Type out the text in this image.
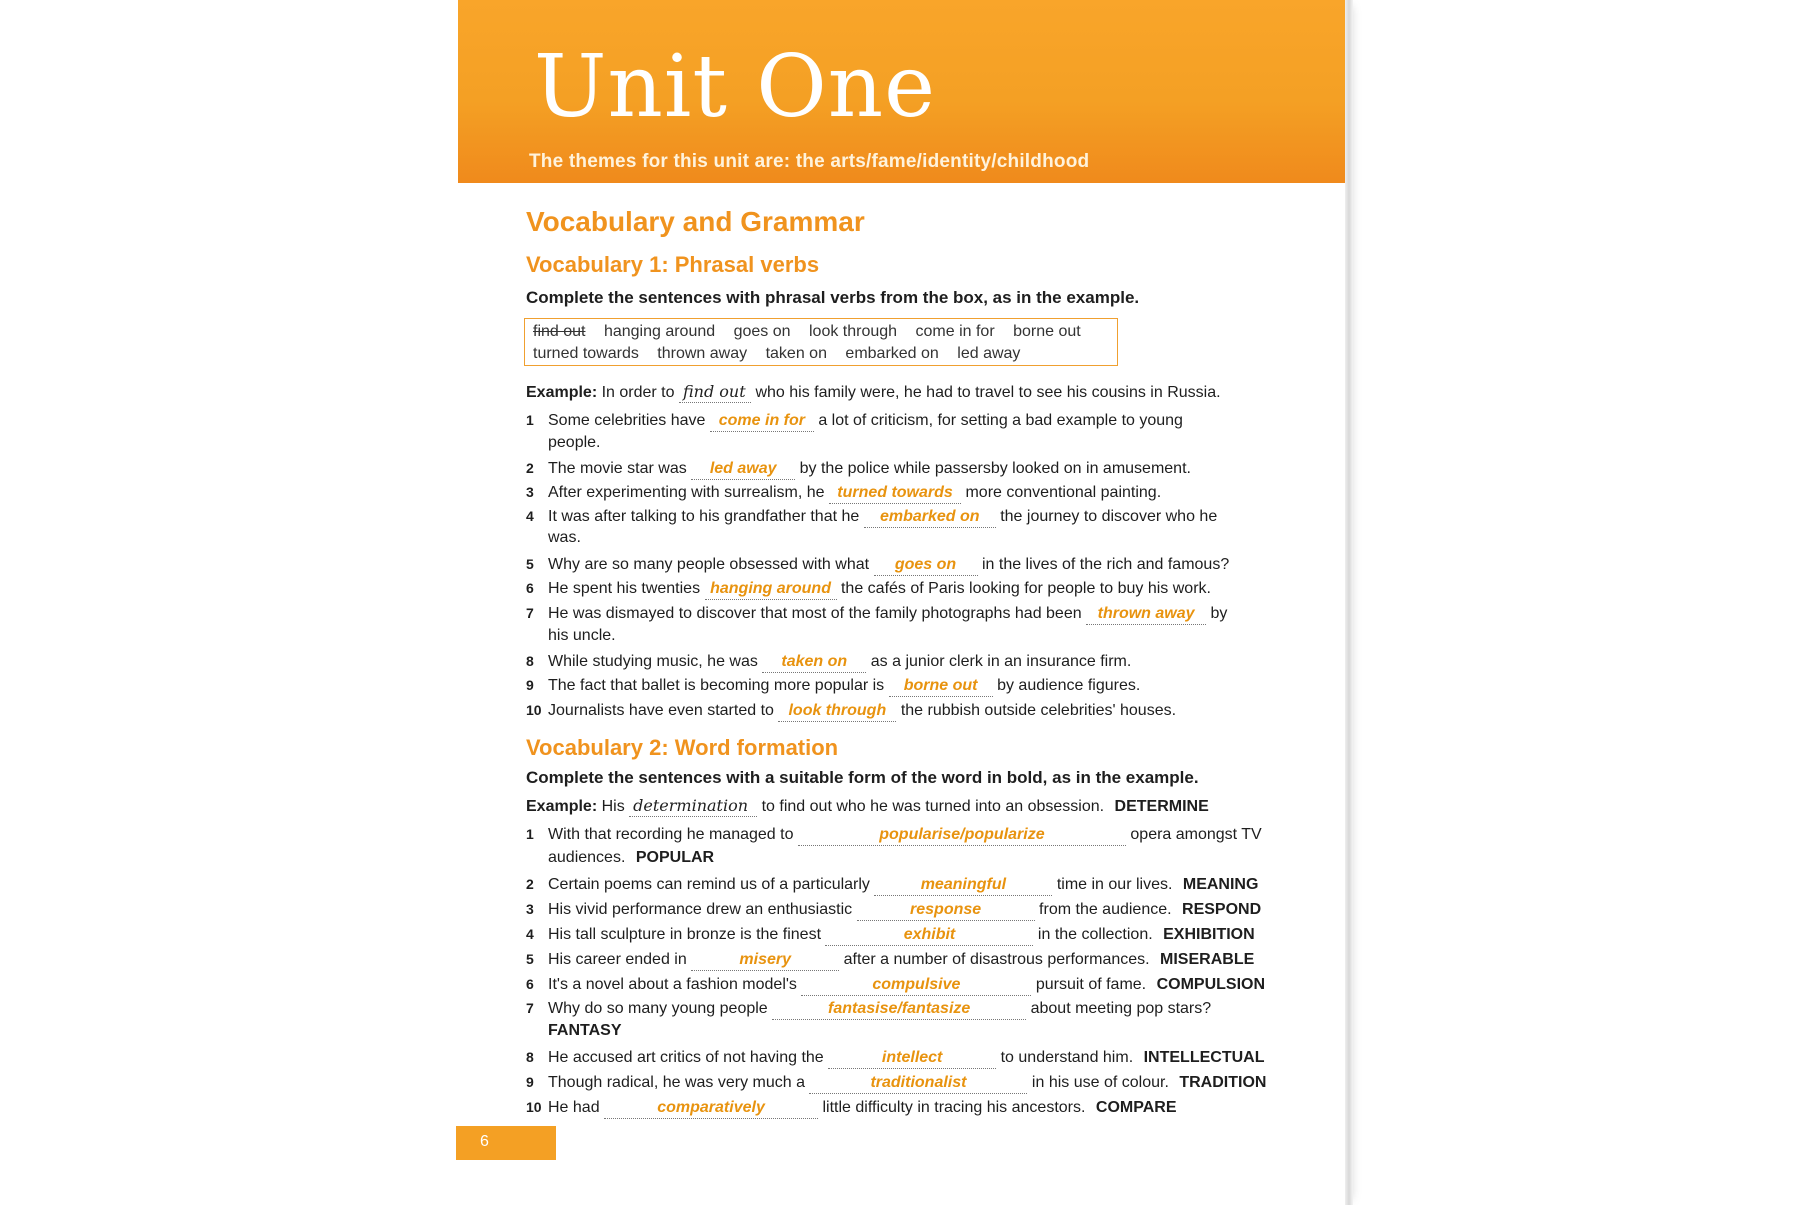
Unit One
The themes for this unit are: the arts/fame/identity/childhood
Vocabulary and Grammar
Vocabulary 1: Phrasal verbs
Complete the sentences with phrasal verbs from the box, as in the example.
find out hanging around goes on look through come in for borne out
turned towards thrown away taken on embarked on led away
Example: In order to find out who his family were, he had to travel to see his cousins in Russia.
1 Some celebrities have come in for a lot of criticism, for setting a bad example to young
people.
2 The movie star was led away by the police while passersby looked on in amusement.
3 After experimenting with surrealism, he turned towards more conventional painting.
4 It was after talking to his grandfather that he embarked on the journey to discover who he
was.
5 Why are so many people obsessed with what goes on in the lives of the rich and famous?
6 He spent his twenties hanging around the cafés of Paris looking for people to buy his work.
7 He was dismayed to discover that most of the family photographs had been thrown away by
his uncle.
8 While studying music, he was taken on as a junior clerk in an insurance firm.
9 The fact that ballet is becoming more popular is borne out by audience figures.
10 Journalists have even started to look through the rubbish outside celebrities' houses.
Vocabulary 2: Word formation
Complete the sentences with a suitable form of the word in bold, as in the example.
Example: His determination to find out who he was turned into an obsession. DETERMINE
1 With that recording he managed to	popularise/popularize	opera amongst TV
audiences. POPULAR
2 Certain poems can remind us of a particularly	meaningful	time in our lives. MEANING
3 His vivid performance drew an enthusiastic	response	from the audience. RESPOND
4 His tall sculpture in bronze is the finest	exhibit	in the collection. EXHIBITION
5 His career ended in	misery	after a number of disastrous performances. MISERABLE
6 It's a novel about a fashion model's	compulsive	pursuit of fame. COMPULSION
7 Why do so many young people	fantasise/fantasize	about meeting pop stars?
FANTASY
8 He accused art critics of not having the	intellect	to understand him. INTELLECTUAL
9 Though radical, he was very much a	traditionalist	in his use of colour. TRADITION
10 He had	comparatively	little difficulty in tracing his ancestors. COMPARE
6
